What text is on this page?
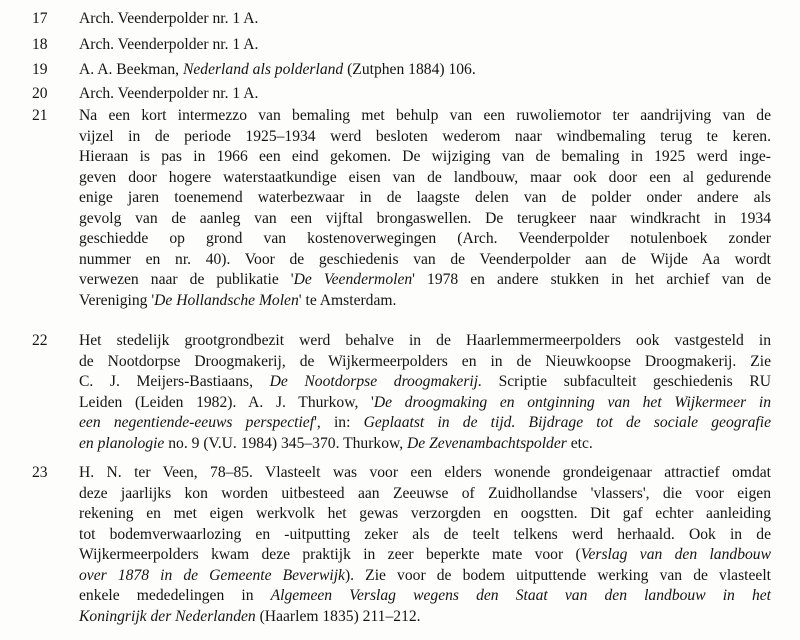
17	Arch. Veenderpolder nr. 1 A.
18	Arch. Veenderpolder nr. 1 A.
19	A. A. Beekman, Nederland als polderland (Zutphen 1884) 106.
20	Arch. Veenderpolder nr. 1 A.
21	Na een kort intermezzo van bemaling met behulp van een ruwoliemotor ter aandrijving van de
vijzel in de periode 1925–1934 werd besloten wederom naar windbemaling terug te keren.
Hieraan is pas in 1966 een eind gekomen. De wijziging van de bemaling in 1925 werd inge-
geven door hogere waterstaatkundige eisen van de landbouw, maar ook door een al gedurende
enige jaren toenemend waterbezwaar in de laagste delen van de polder onder andere als
gevolg van de aanleg van een vijftal brongaswellen. De terugkeer naar windkracht in 1934
geschiedde op grond van kostenoverwegingen (Arch. Veenderpolder notulenboek zonder
nummer en nr. 40). Voor de geschiedenis van de Veenderpolder aan de Wijde Aa wordt
verwezen naar de publikatie 'De Veendermolen' 1978 en andere stukken in het archief van de
Vereniging 'De Hollandsche Molen' te Amsterdam.
22	Het stedelijk grootgrondbezit werd behalve in de Haarlemmermeerpolders ook vastgesteld in
de Nootdorpse Droogmakerij, de Wijkermeerpolders en in de Nieuwkoopse Droogmakerij. Zie
C. J. Meijers-Bastiaans, De Nootdorpse droogmakerij. Scriptie subfaculteit geschiedenis RU
Leiden (Leiden 1982). A. J. Thurkow, 'De droogmaking en ontginning van het Wijkermeer in
een negentiende-eeuws perspectief', in: Geplaatst in de tijd. Bijdrage tot de sociale geografie
en planologie no. 9 (V.U. 1984) 345–370. Thurkow, De Zevenambachtspolder etc.
23	H. N. ter Veen, 78–85. Vlasteelt was voor een elders wonende grondeigenaar attractief omdat
deze jaarlijks kon worden uitbesteed aan Zeeuwse of Zuidhollandse 'vlassers', die voor eigen
rekening en met eigen werkvolk het gewas verzorgden en oogstten. Dit gaf echter aanleiding
tot bodemverwaarlozing en -uitputting zeker als de teelt telkens werd herhaald. Ook in de
Wijkermeerpolders kwam deze praktijk in zeer beperkte mate voor (Verslag van den landbouw
over 1878 in de Gemeente Beverwijk). Zie voor de bodem uitputtende werking van de vlasteelt
enkele mededelingen in Algemeen Verslag wegens den Staat van den landbouw in het
Koningrijk der Nederlanden (Haarlem 1835) 211–212.
